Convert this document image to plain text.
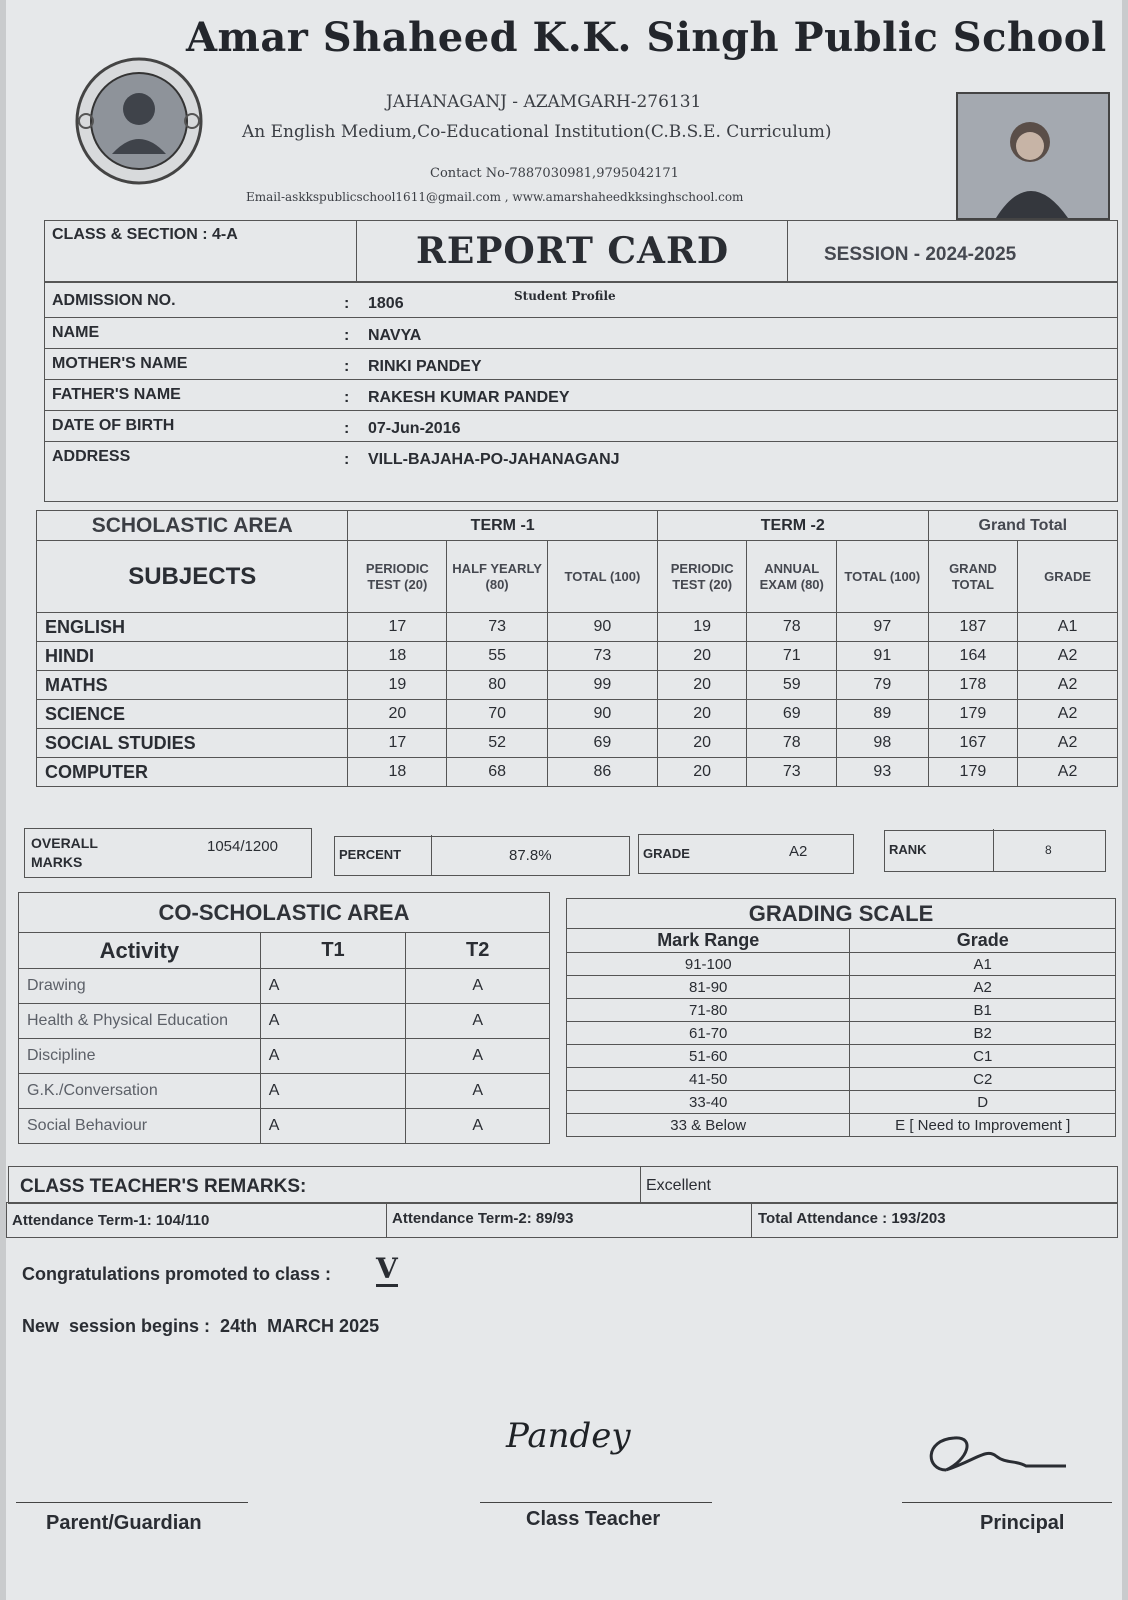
Amar Shaheed K.K. Singh Public School
JAHANAGANJ - AZAMGARH-276131
An English Medium,Co-Educational Institution(C.B.S.E. Curriculum)
Contact No-7887030981,9795042171
Email-askkspublicschool1611@gmail.com , www.amarshaheedkksinghschool.com
CLASS & SECTION : 4-A	REPORT CARD	SESSION - 2024-2025
Student Profile
ADMISSION NO.	: 1806
NAME	: NAVYA
MOTHER'S NAME	: RINKI PANDEY
FATHER'S NAME	: RAKESH KUMAR PANDEY
DATE OF BIRTH	: 07-Jun-2016
ADDRESS	: VILL-BAJAHA-PO-JAHANAGANJ
SCHOLASTIC AREA	TERM -1			TERM -2			Grand Total	
SUBJECTS	PERIODIC TEST (20)	HALF YEARLY (80)	TOTAL (100)	PERIODIC TEST (20)	ANNUAL EXAM (80)	TOTAL (100)	GRAND TOTAL	GRADE
ENGLISH	17	73	90	19	78	97	187	A1
HINDI	18	55	73	20	71	91	164	A2
MATHS	19	80	99	20	59	79	178	A2
SCIENCE	20	70	90	20	69	89	179	A2
SOCIAL STUDIES	17	52	69	20	78	98	167	A2
COMPUTER	18	68	86	20	73	93	179	A2
OVERALL
MARKS
1054/1200	PERCENT	87.8%	GRADE	A2	RANK	8
CO-SCHOLASTIC AREA		
Activity	T1	T2
Drawing	A	A
Health & Physical Education	A	A
Discipline	A	A
G.K./Conversation	A	A
Social Behaviour	A	A
GRADING SCALE	
Mark Range	Grade
91-100	A1
81-90	A2
71-80	B1
61-70	B2
51-60	C1
41-50	C2
33-40	D
33 & Below	E [ Need to Improvement ]
CLASS TEACHER'S REMARKS:	Excellent
Attendance Term-1: 104/110	Attendance Term-2: 89/93	Total Attendance : 193/203
Congratulations promoted to class : V
New  session begins :  24th  MARCH 2025
Pandey
Parent/Guardian	Class Teacher	Principal
